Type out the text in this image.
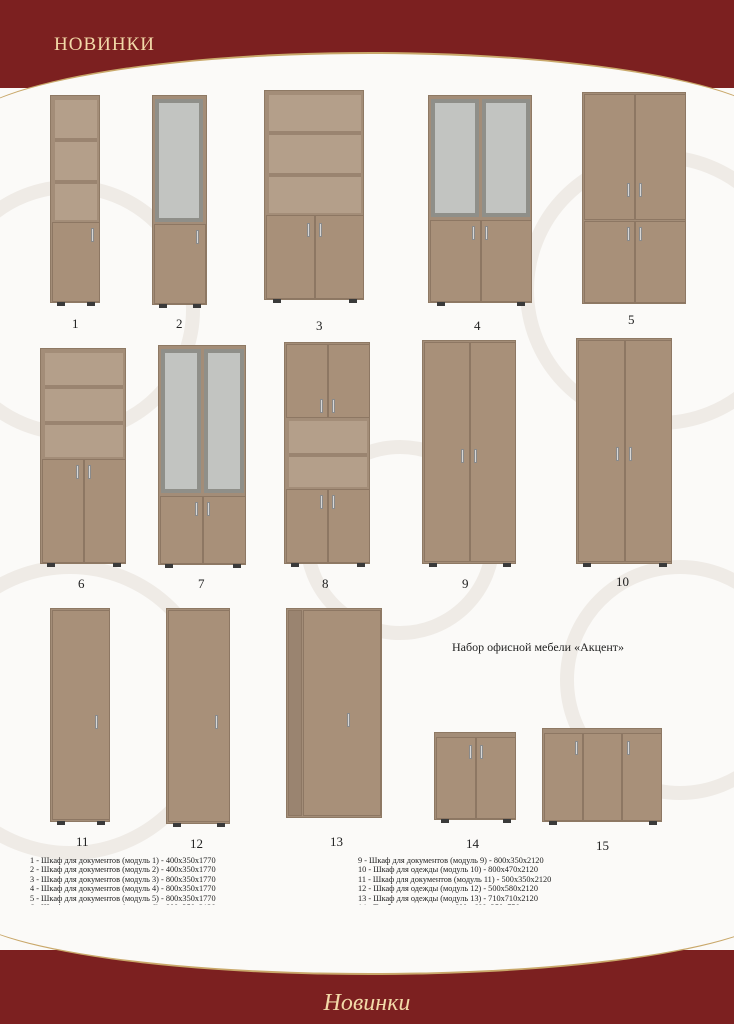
НОВИНКИ
1	2	3	4	5
6	7	8	9	10
11	12	13
Набор офисной мебели «Акцент»
14	15
1 - Шкаф для документов (модуль 1) - 400х350х1770
2 - Шкаф для документов (модуль 2) - 400х350х1770
3 - Шкаф для документов (модуль 3) - 800х350х1770
4 - Шкаф для документов (модуль 4) - 800х350х1770
5 - Шкаф для документов (модуль 5) - 800х350х1770
9 - Шкаф для документов (модуль 9) - 800х350х2120
10 - Шкаф для одежды (модуль 10) - 800х470х2120
11 - Шкаф для документов (модуль 11) - 500х350х2120
12 - Шкаф для одежды (модуль 12) - 500х580х2120
13 - Шкаф для одежды (модуль 13) - 710х710х2120
Новинки
